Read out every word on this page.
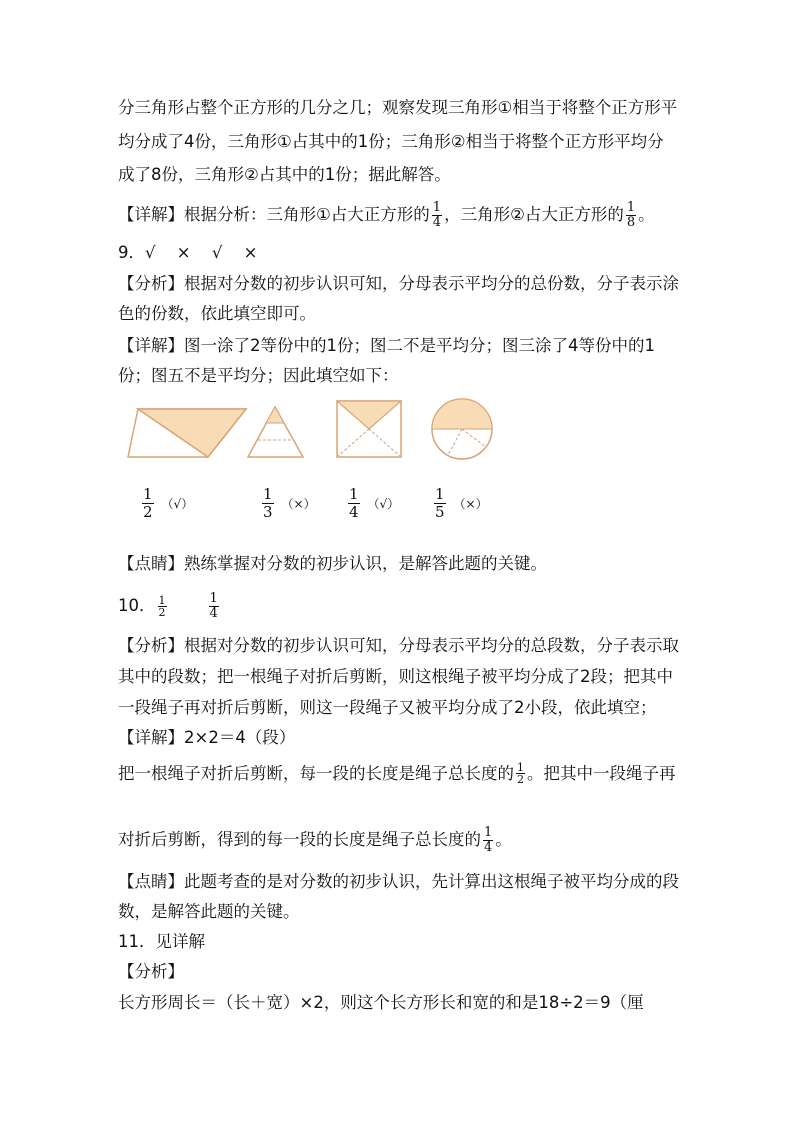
分三角形占整个正方形的几分之几；观察发现三角形①相当于将整个正方形平
均分成了4份，三角形①占其中的1份；三角形②相当于将整个正方形平均分
成了8份，三角形②占其中的1份；据此解答。
【详解】根据分析：三角形①占大正方形的 $\frac{1}{4}$ ，三角形②占大正方形的 $\frac{1}{8}$ 。
9．√ × √ ×
【分析】根据对分数的初步认识可知，分母表示平均分的总份数，分子表示涂
色的份数，依此填空即可。
【详解】图一涂了2等份中的1份；图二不是平均分；图三涂了4等份中的1
份；图五不是平均分；因此填空如下：
$\frac{1}{2}$ （√）	$\frac{1}{3}$ （×） $\frac{1}{4}$ （√） $\frac{1}{5}$ （×）
【点睛】熟练掌握对分数的初步认识，是解答此题的关键。
10． $\frac{1}{2}$	$\frac{1}{4}$
【分析】根据对分数的初步认识可知，分母表示平均分的总段数，分子表示取
其中的段数；把一根绳子对折后剪断，则这根绳子被平均分成了2段；把其中
一段绳子再对折后剪断，则这一段绳子又被平均分成了2小段，依此填空；
【详解】2×2＝4（段）
把一根绳子对折后剪断，每一段的长度是绳子总长度的 $\frac{1}{2}$ 。把其中一段绳子再
对折后剪断，得到的每一段的长度是绳子总长度的 $\frac{1}{4}$ 。
【点睛】此题考查的是对分数的初步认识，先计算出这根绳子被平均分成的段
数，是解答此题的关键。
11．见详解
【分析】
长方形周长＝（长＋宽）×2，则这个长方形长和宽的和是18÷2＝9（厘
